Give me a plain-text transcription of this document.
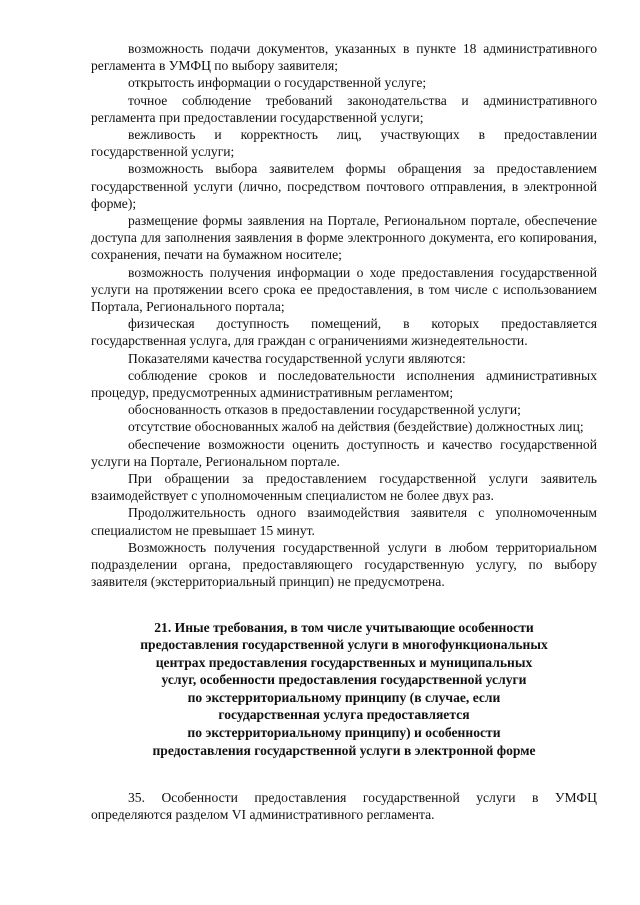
возможность подачи документов, указанных в пункте 18 административного регламента в УМФЦ по выбору заявителя;

открытость информации о государственной услуге;

точное соблюдение требований законодательства и административного регламента при предоставлении государственной услуги;

вежливость и корректность лиц, участвующих в предоставлении государственной услуги;

возможность выбора заявителем формы обращения за предоставлением государственной услуги (лично, посредством почтового отправления, в электронной форме);

размещение формы заявления на Портале, Региональном портале, обеспечение доступа для заполнения заявления в форме электронного документа, его копирования, сохранения, печати на бумажном носителе;

возможность получения информации о ходе предоставления государственной услуги на протяжении всего срока ее предоставления, в том числе с использованием Портала, Регионального портала;

физическая доступность помещений, в которых предоставляется государственная услуга, для граждан с ограничениями жизнедеятельности.

Показателями качества государственной услуги являются:

соблюдение сроков и последовательности исполнения административных процедур, предусмотренных административным регламентом;

обоснованность отказов в предоставлении государственной услуги;

отсутствие обоснованных жалоб на действия (бездействие) должностных лиц;

обеспечение возможности оценить доступность и качество государственной услуги на Портале, Региональном портале.

При обращении за предоставлением государственной услуги заявитель взаимодействует с уполномоченным специалистом не более двух раз.

Продолжительность одного взаимодействия заявителя с уполномоченным специалистом не превышает 15 минут.

Возможность получения государственной услуги в любом территориальном подразделении органа, предоставляющего государственную услугу, по выбору заявителя (экстерриториальный принцип) не предусмотрена.

21. Иные требования, в том числе учитывающие особенности
предоставления государственной услуги в многофункциональных
центрах предоставления государственных и муниципальных
услуг, особенности предоставления государственной услуги
по экстерриториальному принципу (в случае, если
государственная услуга предоставляется
по экстерриториальному принципу) и особенности
предоставления государственной услуги в электронной форме

35. Особенности предоставления государственной услуги в УМФЦ определяются разделом VI административного регламента.
